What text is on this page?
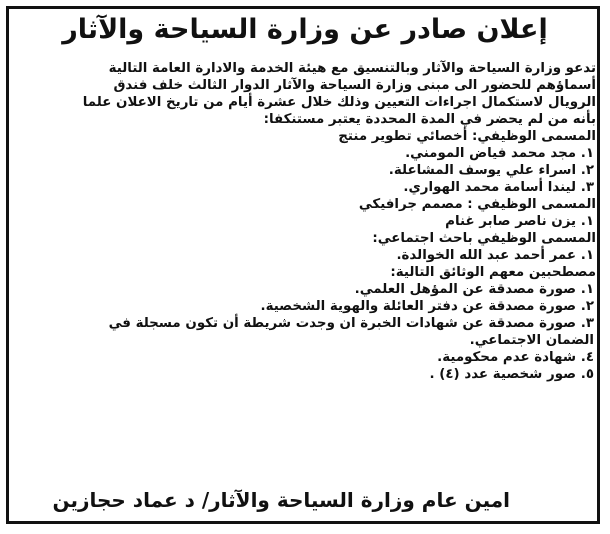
إعلان صادر عن وزارة السياحة والآثار
تدعو وزارة السياحة والآثار وبالتنسيق مع هيئة الخدمة والادارة العامة التالية
أسماؤهم للحضور الى مبنى وزارة السياحة والآثار الدوار الثالث خلف فندق
الرويال لاستكمال اجراءات التعيين وذلك خلال عشرة أيام من تاريخ الاعلان علما
بأنه من لم يحضر في المدة المحددة يعتبر مستنكفا:
المسمى الوظيفي: أخصائي تطوير منتج
١. مجد محمد فياض المومني.
٢. اسراء علي يوسف المشاعلة.
٣. ليندا أسامة محمد الهواري.
المسمى الوظيفي : مصمم جرافيكي
١. يزن ناصر صابر غنام
المسمى الوظيفي باحث اجتماعي:
١. عمر أحمد عبد الله الخوالدة.
مصطحبين معهم الوثائق التالية:
١. صورة مصدقة عن المؤهل العلمي.
٢. صورة مصدقة عن دفتر العائلة والهوية الشخصية.
٣. صورة مصدقة عن شهادات الخبرة ان وجدت شريطة أن تكون مسجلة في
الضمان الاجتماعي.
٤. شهادة عدم محكومية.
٥. صور شخصية عدد (٤) .
امين عام وزارة السياحة والآثار/ د عماد حجازين
